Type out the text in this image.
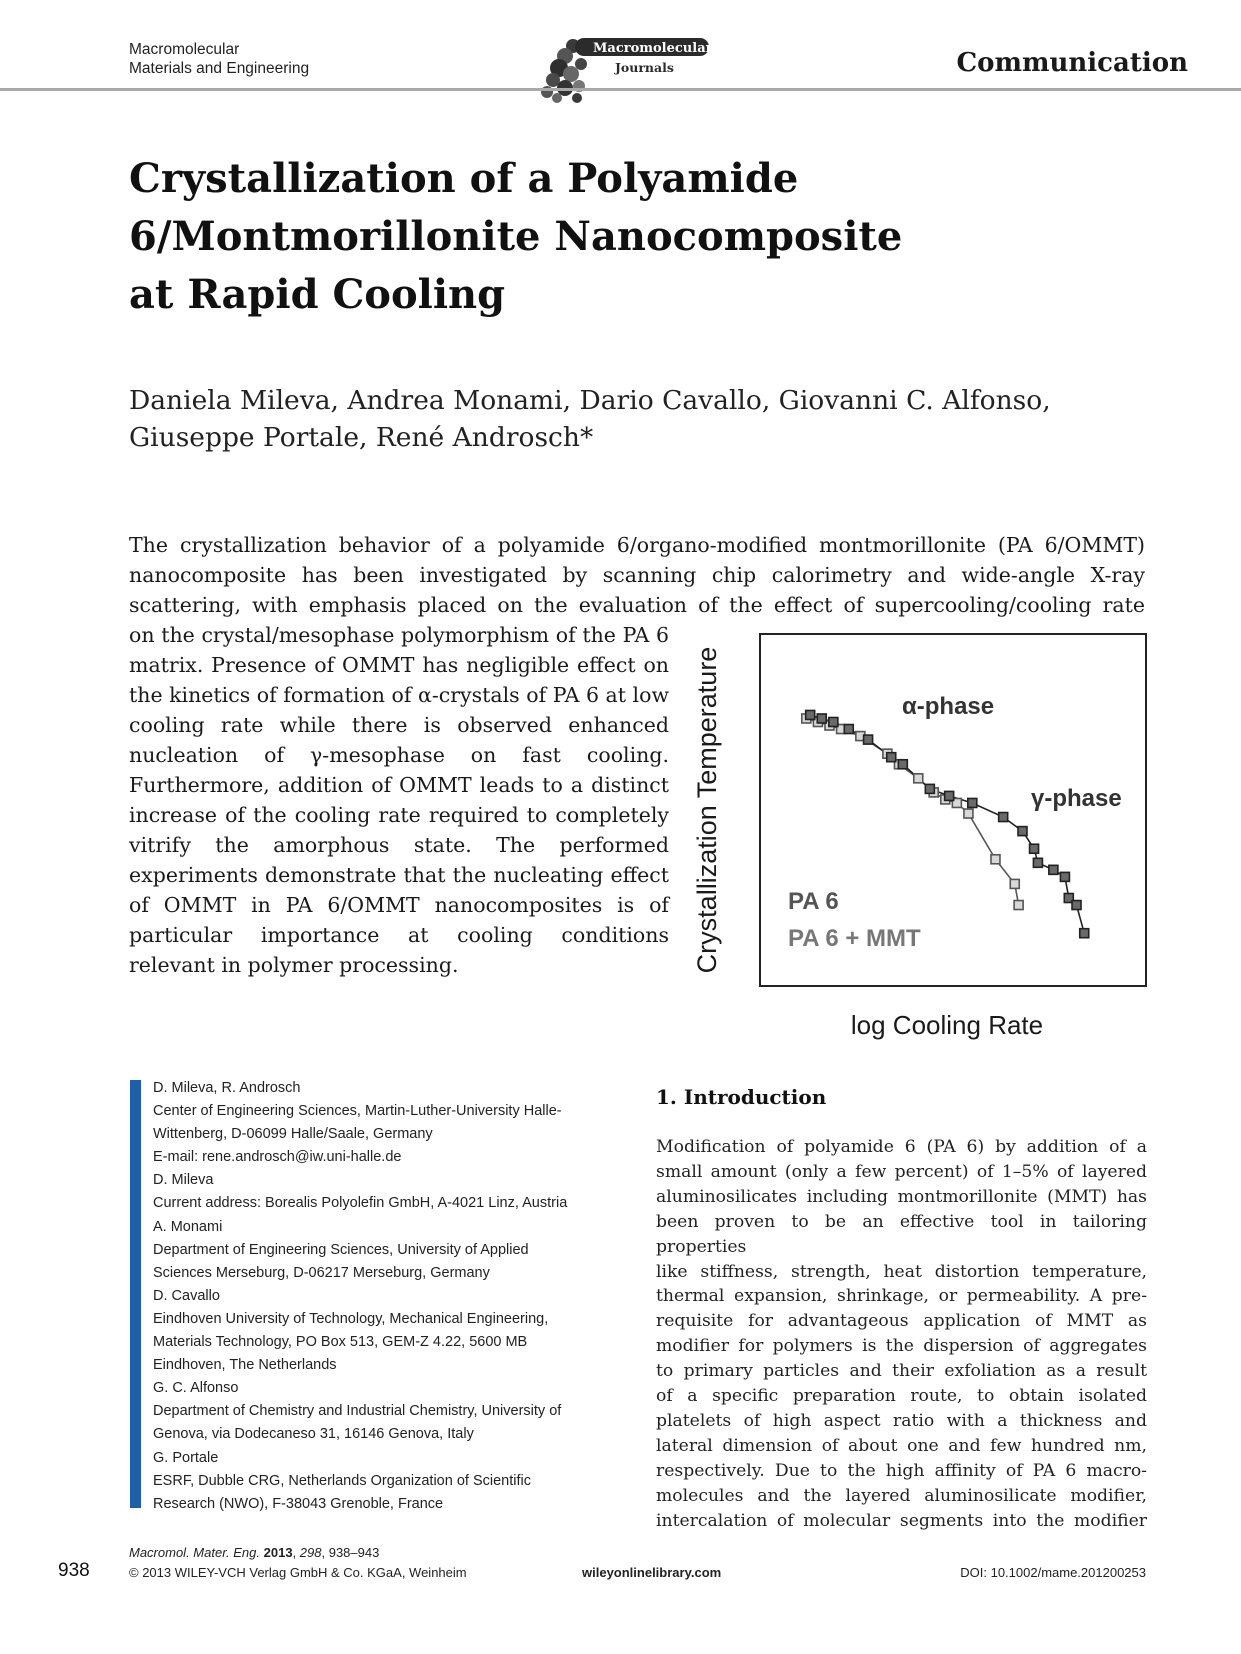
Macromolecular
Materials and Engineering
Macromolecular
Journals	Communication
Crystallization of a Polyamide
6/Montmorillonite Nanocomposite
at Rapid Cooling
Daniela Mileva, Andrea Monami, Dario Cavallo, Giovanni C. Alfonso,
Giuseppe Portale, René Androsch*
The crystallization behavior of a polyamide 6/organo-modified montmorillonite (PA 6/OMMT)
nanocomposite has been investigated by scanning chip calorimetry and wide-angle X-ray
scattering, with emphasis placed on the evaluation of the effect of supercooling/cooling rate
on the crystal/mesophase polymorphism of the PA 6 matrix. Presence of OMMT has negligible effect on the kinetics of formation of α-crystals of PA 6 at low cooling rate while there is observed enhanced nucleation of γ-mesophase on fast cooling. Furthermore, addition of OMMT leads to a distinct increase of the cooling rate required to completely vitrify the amorphous state. The performed experiments demonstrate that the nucleating effect of OMMT in PA 6/OMMT nanocomposites is of particular importance at cooling conditions relevant in polymer processing.	Crystallization Temperature
log Cooling Rate
α-phase
γ-phase
PA 6
PA 6 + MMT
D. Mileva, R. Androsch
Center of Engineering Sciences, Martin-Luther-University Halle-
Wittenberg, D-06099 Halle/Saale, Germany
E-mail: rene.androsch@iw.uni-halle.de
D. Mileva
Current address: Borealis Polyolefin GmbH, A-4021 Linz, Austria
A. Monami
Department of Engineering Sciences, University of Applied
Sciences Merseburg, D-06217 Merseburg, Germany
D. Cavallo
Eindhoven University of Technology, Mechanical Engineering,
Materials Technology, PO Box 513, GEM-Z 4.22, 5600 MB
Eindhoven, The Netherlands
G. C. Alfonso
Department of Chemistry and Industrial Chemistry, University of
Genova, via Dodecaneso 31, 16146 Genova, Italy
G. Portale
ESRF, Dubble CRG, Netherlands Organization of Scientific
Research (NWO), F-38043 Grenoble, France
1. Introduction
Modification of polyamide 6 (PA 6) by addition of a
small amount (only a few percent) of 1–5% of layered
aluminosilicates including montmorillonite (MMT) has
been proven to be an effective tool in tailoring properties
like stiffness, strength, heat distortion temperature,
thermal expansion, shrinkage, or permeability. A pre-
requisite for advantageous application of MMT as
modifier for polymers is the dispersion of aggregates
to primary particles and their exfoliation as a result
of a specific preparation route, to obtain isolated
platelets of high aspect ratio with a thickness and
lateral dimension of about one and few hundred nm,
respectively. Due to the high affinity of PA 6 macro-
molecules and the layered aluminosilicate modifier,
intercalation of molecular segments into the modifier
938
Macromol. Mater. Eng. 2013, 298, 938–943
© 2013 WILEY-VCH Verlag GmbH & Co. KGaA, Weinheim	wileyonlinelibrary.com	DOI: 10.1002/mame.201200253
